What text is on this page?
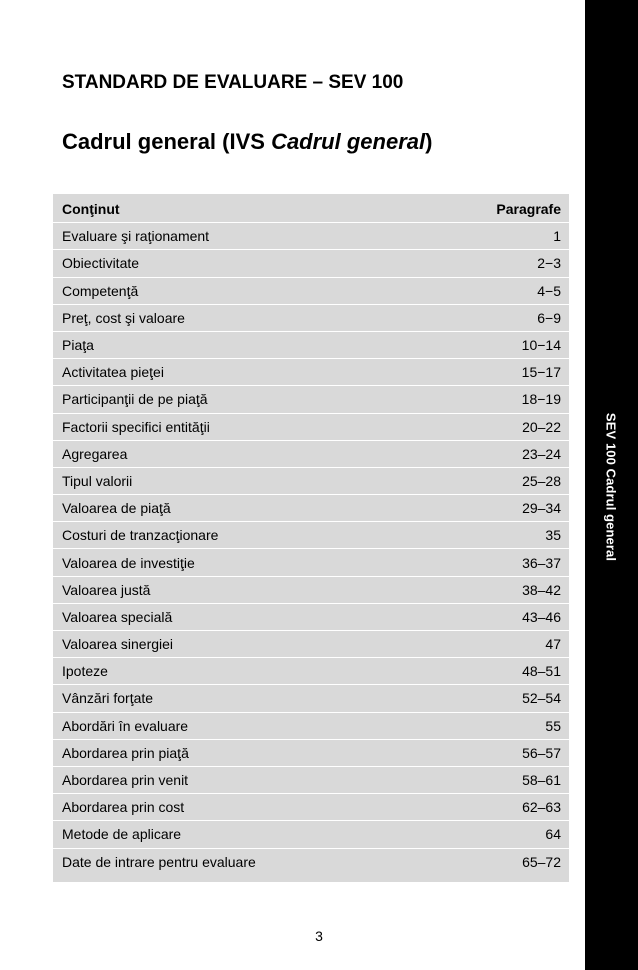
SEV 100 Cadrul general
STANDARD DE EVALUARE – SEV 100
Cadrul general (IVS Cadrul general)
Conţinut	Paragrafe
Evaluare şi raţionament	1
Obiectivitate	2−3
Competenţă	4−5
Preţ, cost şi valoare	6−9
Piaţa	10−14
Activitatea pieţei	15−17
Participanţii de pe piaţă	18−19
Factorii specifici entităţii	20–22
Agregarea	23–24
Tipul valorii	25–28
Valoarea de piaţă	29–34
Costuri de tranzacţionare	35
Valoarea de investiţie	36–37
Valoarea justă	38–42
Valoarea specială	43–46
Valoarea sinergiei	47
Ipoteze	48–51
Vânzări forţate	52–54
Abordări în evaluare	55
Abordarea prin piaţă	56–57
Abordarea prin venit	58–61
Abordarea prin cost	62–63
Metode de aplicare	64
Date de intrare pentru evaluare	65–72
3
